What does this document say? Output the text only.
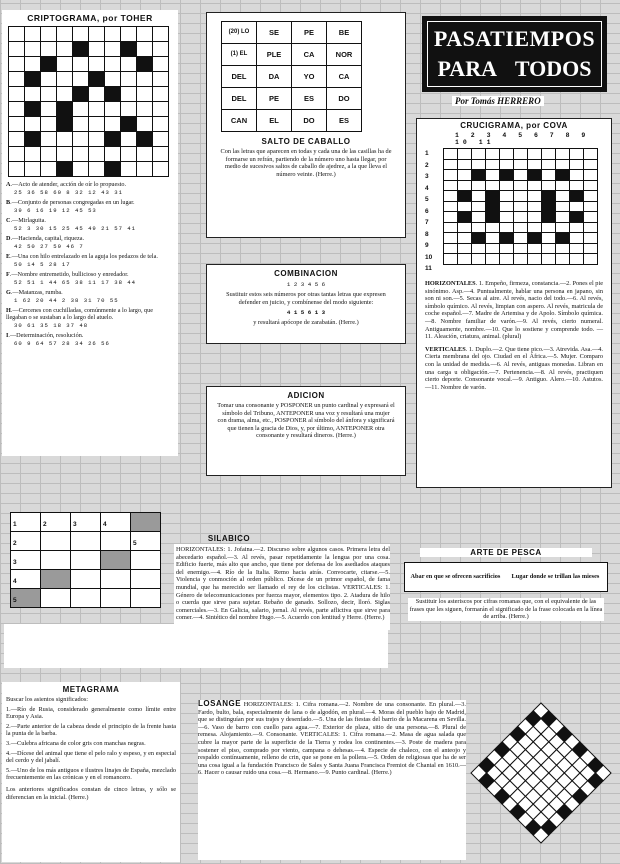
CRIPTOGRAMA, por TOHER

A.—Acto de atender, acción de oír lo propuesto.
25 36 58 60 8 32 12 43 31
B.—Conjunto de personas congregadas en un lugar.
39 6 16 19 12 45 53
C.—Mirlaguita.
52 3 30 15 25 45 49 21 57 41
D.—Hacienda, capital, riqueza.
42 50 27 59 46 7
E.—Una con hilo entrelazado en la aguja los pedazos de tela.
50 14 5 28 17
F.—Nombre entremetido, bullicioso y enredador.
52 51 1 44 65 38 11 17 38 44
G.—Matanzas, rumba.
1 62 20 44 2 38 31 70 55
H.—Cercenes con cuchilladas, comúnmente a lo largo, que llegaban o se sustaban a lo largo del atuelo.
30 61 35 18 37 48
I.—Determinación, resolución.
60 9 64 57 28 34 26 56
(20) LO	SE	PE	BE
(1) EL	PLE	CA	NOR
DEL	DA	YO	CA
DEL	PE	ES	DO
CAN	EL	DO	ES
SALTO DE CABALLO
Con las letras que aparecen en todas y cada una de las casillas ha de formarse un refrán, partiendo de la número uno hasta llegar, por medio de sucesivos saltos de caballo de ajedrez, a la que lleva el número veinte. (Herre.)
PASATIEMPOS
PARA TODOS
Por Tomás HERRERO
COMBINACION
1 2 3 4 5 6
Sustituir estos seis números por otras tantas letras que expresen defender en juicio, y combínense del modo siguiente:
4 1 5 6 1 3
y resultará apócope de zarabatán. (Herre.)
ADICION
Tomar una consonante y POSPONER un punto cardinal y expresará el símbolo del Tribuno, ANTEPONER una voz y resultará una mujer con drama, alma, etc., POSPONER al símbolo del ánfora y significará que tienen la gracia de Dios, y, por último, ANTEPONER otra consonante y resultará dineros. (Herre.)
CRUCIGRAMA, por COVA
1 2 3 4 5 6 7 8 9 10 11
1
2
3
4
5
6
7
8
9
10
11

HORIZONTALES. 1. Empeño, firmeza, constancia.—2. Pones el pie sinónimo. Asp.—4. Puntualmente, hablar una persona en japano, sin son ni son.—5. Secas al aire. Al revés, nacio del todo.—6. Al revés, símbolo químico. Al revés, limpian con aspero. Al revés, matricula de coche español.—7. Madre de Artemisa y de Apolo. Símbolo química.—8. Nombre familiar de varón.—9. Al revés, cierto numeral. Antiguamente, nombre.—10. Que lo sostiene y comprende todo. —11. Aleación, criatura, animal. (plural)
VERTICALES. 1. Duplo.—2. Que tiene pico.—3. Atrevida. Asa.—4. Cierta membrana del ojo. Ciudad en el África.—5. Mujer. Comparo con la unidad de medida.—6. Al revés, antiguas monedas. Libran en una carga u obligación.—7. Pertenencia.—8. Al revés, practiquen cierto deporte. Consonante vocal.—9. Antiguo. Alero.—10. Astutos.—11. Nombre de varón.
1	2	3	4	
2				5
3				
4				
5				
SILABICO
HORIZONTALES: 1. Jofaina.—2. Discurso sobre algunos casos. Primera letra del abecedario español.—3. Al revés, pasar repetidamente la lengua por una cosa. Edificio fuerte, más alto que ancho, que tiene por defensa de los asediados ataques del enemigo.—4. Río de la Italia. Remo hacia atrás. Convocarte, citarse.—5. Violencia y conmoción al orden público. Dícese de un primor español, de fama mundial, que ha merecido ser llamado el rey de los ciclistas. VERTICALES: 1. Género de telecomunicaciones por fuerza mayor, elementos tipo. 2. Atadura de hilo o cuerda que sirve para sujetar. Rebaño de ganado. Sollozo, decir, lloró. Siglas comerciales.—3. En Galicia, salario, jornal. Al revés, parte aflictiva que sirve para comer.—4. Sintético del nombre Hugo.—5. Acuerdo con lentitud y Herre. (Herre.)
ARTE DE PESCA
Abar en que se ofrecen sacrificios Lugar donde se trillan las mieses
Sustituir los asteriscos por cifras romanas que, con el equivalente de las frases que les siguen, formarán el significado de la frase colocada en la línea de arriba. (Herre.)
METAGRAMA
Buscar los asientos significados:
1.—Río de Rusia, considerado generalmente como límite entre Europa y Asia.
2.—Parte anterior de la cabeza desde el principio de la frente hasta la punta de la barba.
3.—Culebra africana de color gris con manchas negras.
4.—Dícese del animal que tiene el pelo ralo y espeso, y en especial del cerdo y del jabalí.
5.—Uno de los más antiguos e ilustres linajes de España, mezclado frecuentemente en las crónicas y en el romancero.
Los anteriores significados constan de cinco letras, y sólo se diferencian en la inicial. (Herre.)
LOSANGE HORIZONTALES: 1. Cifra romana.—2. Nombre de una consonante. En plural.—3. Fardo, bulto, bala, especialmente de lana o de algodón, en plural.—4. Moras del pueblo bajo de Madrid, que se distinguían por sus trajes y desenfado.—5. Una de las fiestas del barrio de la Macarena en Sevilla.—6. Vaso de barro con cuello para agua.—7. Exterior de plaza, sitio de una persona.—8. Plural de remesa. Alojamiento.—9. Consonante. VERTICALES: 1. Cifra romana.—2. Masa de agua salada que cubre la mayor parte de la superficie de la Tierra y rodea los continentes.—3. Poste de madera para sostener el piso, comprado por viento, campana o dehesas.—4. Especie de chaleco, con el anteojo y respaldo contínuamente, relleno de crin, que se pone en la pollera.—5. Orden de religiosas que ha de ser una cosa igual a la fundación Francisco de Sales y Santa Juana Francisca Fremiot de Chantal en 1610.—6. Hacer o causar ruido una cosa.—8. Hermano.—9. Punto cardinal. (Herre.)
